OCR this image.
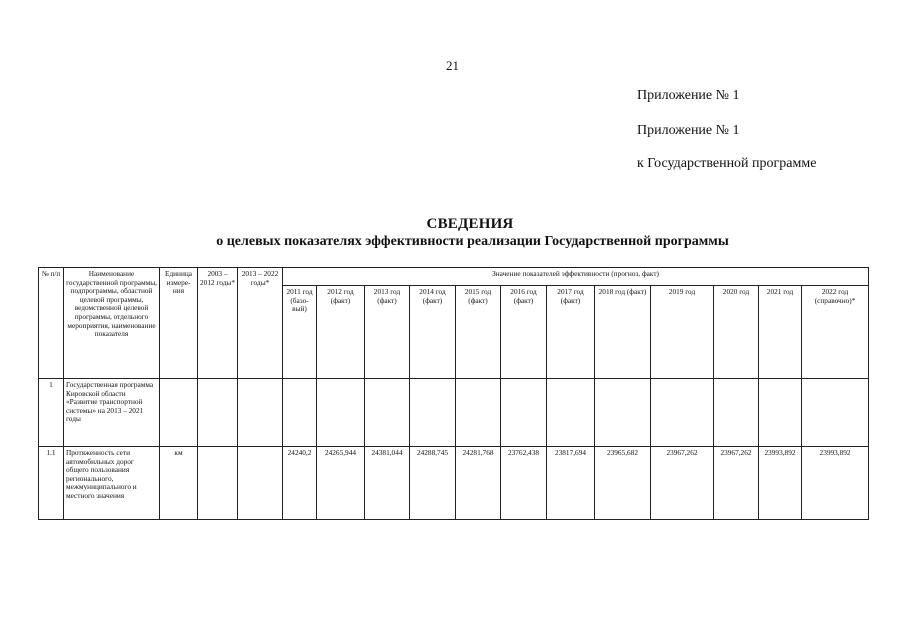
21
Приложение № 1
Приложение № 1
к Государственной программе
СВЕДЕНИЯ
о целевых показателях эффективности реализации Государственной программы
№ п/п	Наименование государственной программы, подпрограммы, областной целевой программы, ведомственной целевой программы, отдельного мероприятия, наименование показателя	Единица измере-ния	2003 – 2012 годы*	2013 – 2022 годы*	Значение показателей эффективности (прогноз, факт)											
					2011 год (базо-вый)	2012 год (факт)	2013 год (факт)	2014 год (факт)	2015 год (факт)	2016 год (факт)	2017 год (факт)	2018 год (факт)	2019 год	2020 год	2021 год	2022 год (справочно)*
1	Государственная программа Кировской области «Развитие транспортной системы» на 2013 – 2021 годы															
1.1	Протяженность сети автомобильных дорог общего пользования регионального, межмуниципального и местного значения	км			24240,2	24265,944	24381,044	24288,745	24281,768	23762,438	23817,694	23965,682	23967,262	23967,262	23993,892	23993,892
